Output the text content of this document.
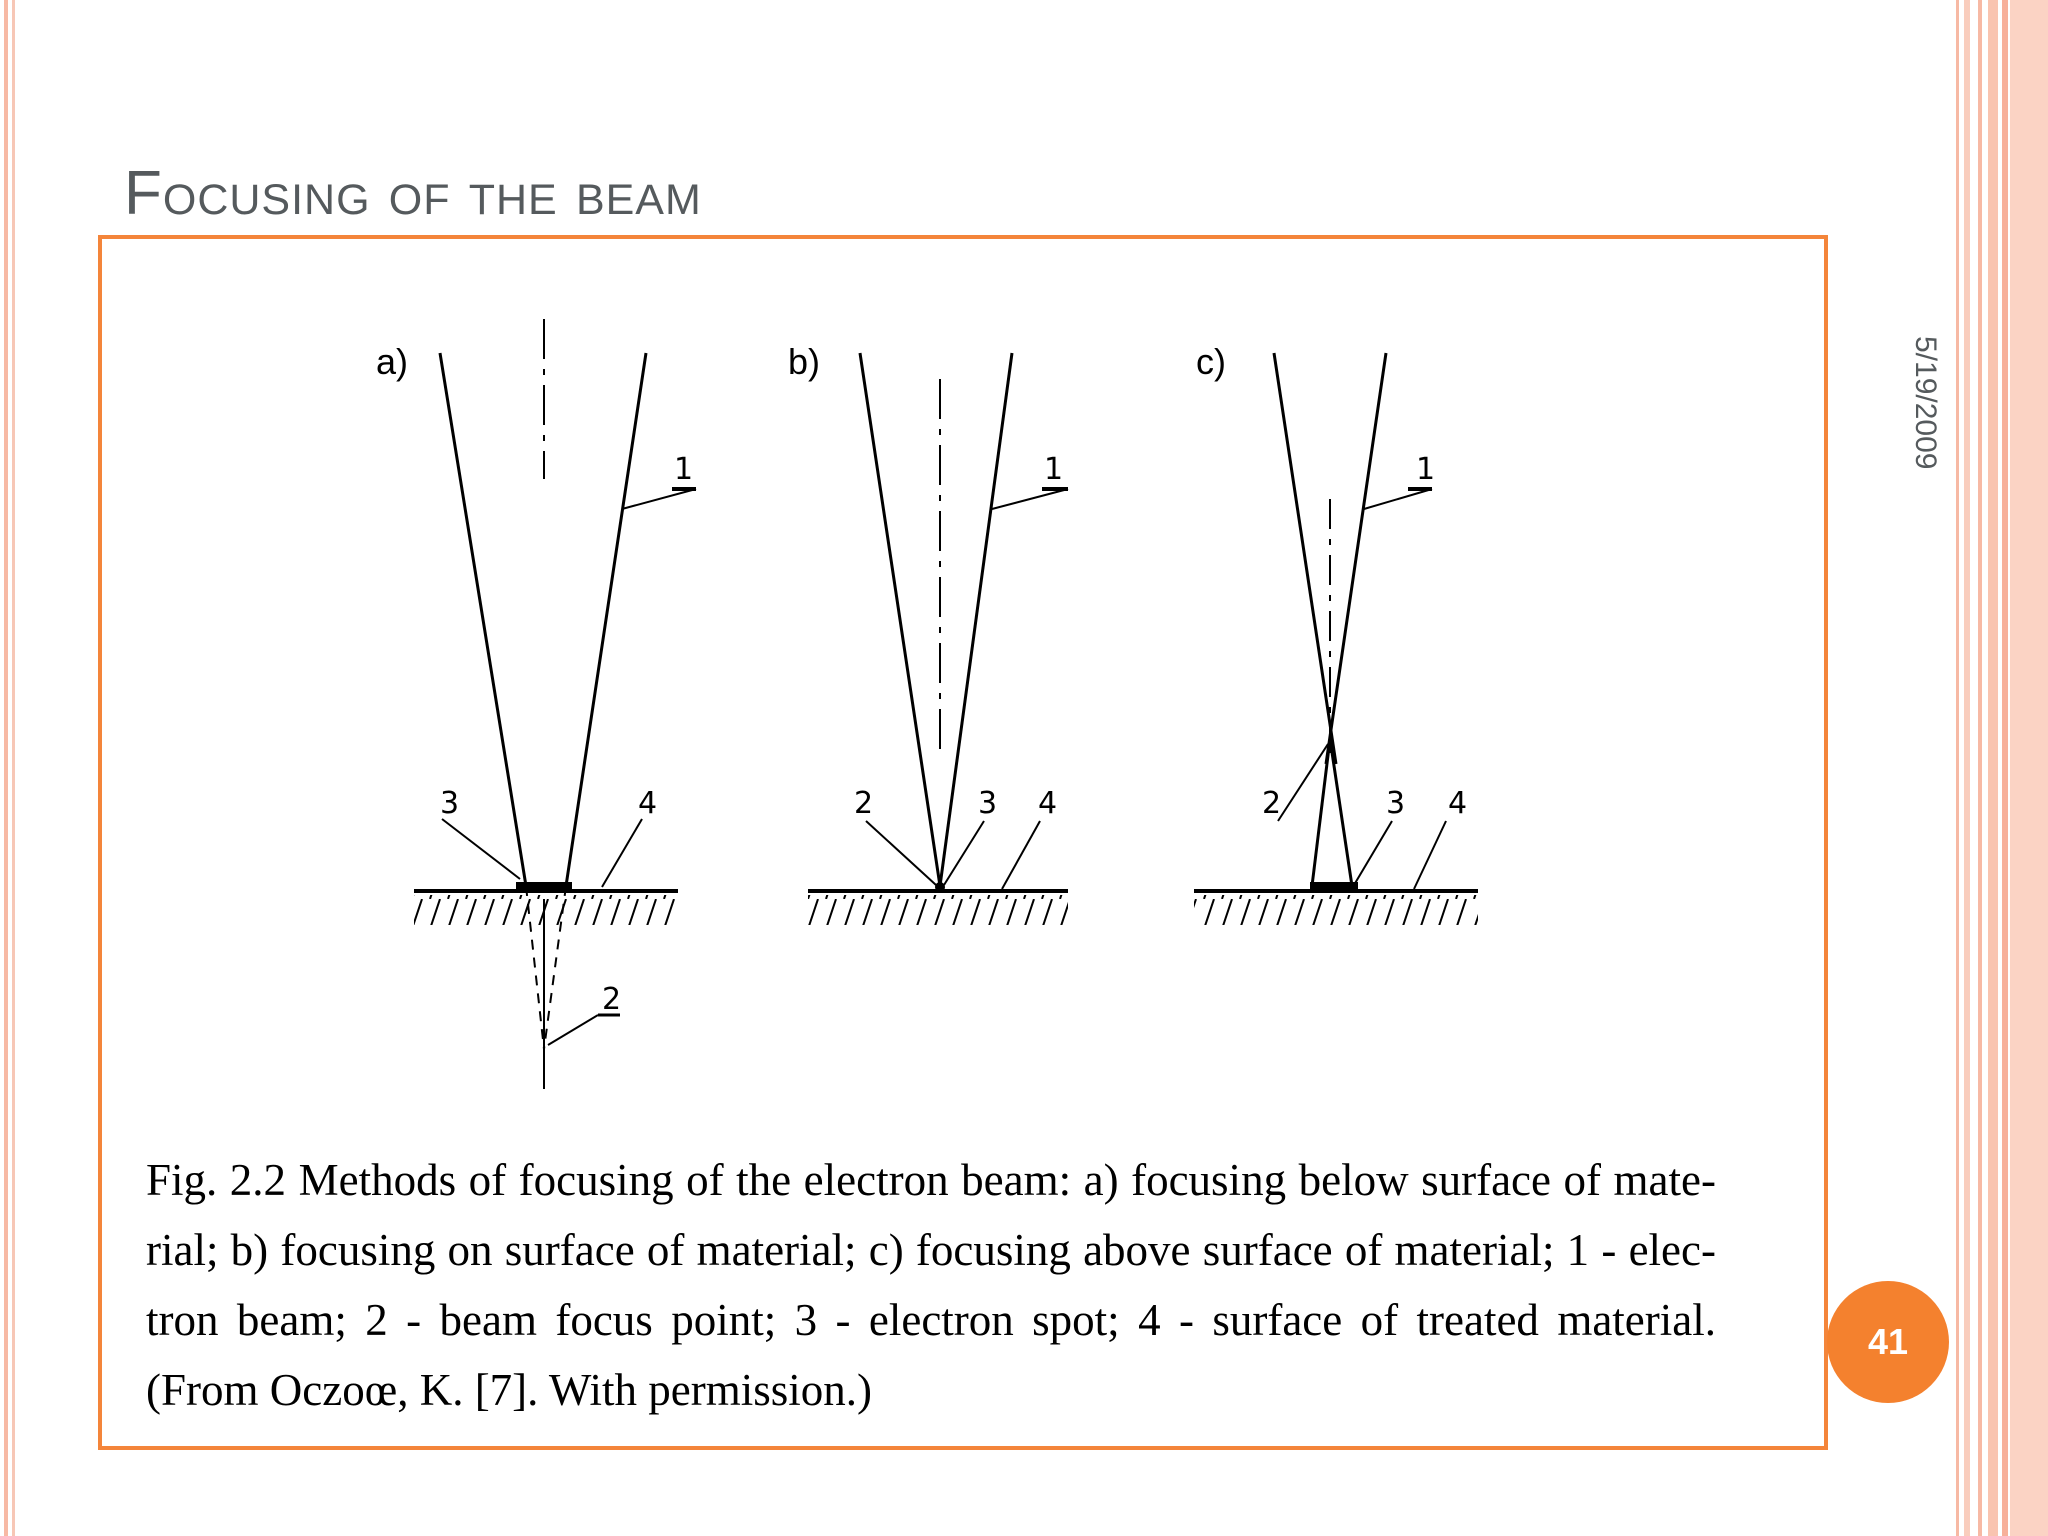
Focusing of the beam
5/19/2009
a)
1
3	4
2
b)
1
2	3 4
c)
1
2	3 4

Fig. 2.2 Methods of focusing of the electron beam: a) focusing below surface of mate-

rial; b) focusing on surface of material; c) focusing above surface of material; 1 - elec-

tron beam; 2 - beam focus point; 3 - electron spot; 4 - surface of treated material.

(From Oczoœ, K. [7]. With permission.)

41
